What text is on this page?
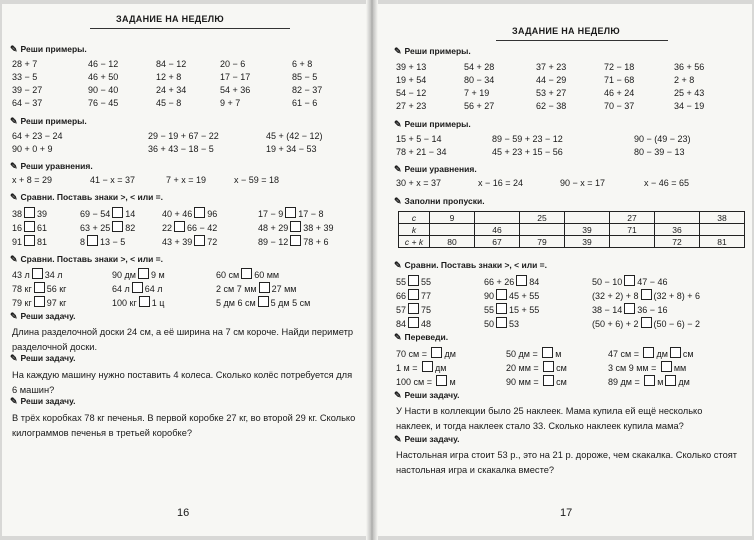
ЗАДАНИЕ НА НЕДЕЛЮ
16
✎ Реши примеры.
28 + 7	46 − 12	84 − 12	20 − 6	6 + 8
33 − 5	46 + 50	12 + 8	17 − 17	85 − 5
39 − 27	90 − 40	24 + 34	54 + 36	82 − 37
64 − 37	76 − 45	45 − 8	9 + 7	61 − 6
✎ Реши примеры.
64 + 23 − 24	29 − 19 + 67 − 22	45 + (42 − 12)
90 + 0 + 9	36 + 43 − 18 − 5	19 + 34 − 53
✎ Реши уравнения.
x + 8 = 29	41 − x = 37	7 + x = 19	x − 59 = 18
✎ Сравни. Поставь знаки >, < или =.
38 39	69 − 54 14	40 + 46 96	17 − 9 17 − 8
16 61	63 + 25 82	22 66 − 42	48 + 29 38 + 39
91 81	8 13 − 5	43 + 39 72	89 − 12 78 + 6
✎ Сравни. Поставь знаки >, < или =.
43 л 34 л	90 дм 9 м	60 см 60 мм
78 кг 56 кг	64 л 64 л	2 см 7 мм 27 мм
79 кг 97 кг	100 кг 1 ц	5 дм 6 см 5 дм 5 см
✎ Реши задачу.
Длина разделочной доски 24 см, а её ширина на 7 см короче. Найди периметр разделочной доски.
✎ Реши задачу.
На каждую машину нужно поставить 4 колеса. Сколько колёс потребуется для 6 машин?
✎ Реши задачу.
В трёх коробках 78 кг печенья. В первой коробке 27 кг, во второй 29 кг. Сколько килограммов печенья в третьей коробке?
ЗАДАНИЕ НА НЕДЕЛЮ
17
✎ Реши примеры.
39 + 13	54 + 28	37 + 23	72 − 18	36 + 56
19 + 54	80 − 34	44 − 29	71 − 68	2 + 8
54 − 12	7 + 19	53 + 27	46 + 24	25 + 43
27 + 23	56 + 27	62 − 38	70 − 37	34 − 19
✎ Реши примеры.
15 + 5 − 14	89 − 59 + 23 − 12	90 − (49 − 23)
78 + 21 − 34	45 + 23 + 15 − 56	80 − 39 − 13
✎ Реши уравнения.
30 + x = 37	x − 16 = 24	90 − x = 17	x − 46 = 65
✎ Заполни пропуски.
c	9		25		27		38
k		46		39	71	36	
c + k	80	67	79	39		72	81
✎ Сравни. Поставь знаки >, < или =.
55 55	66 + 26 84	50 − 10 47 − 46
66 77	90 45 + 55	(32 + 2) + 8 (32 + 8) + 6
57 75	55 15 + 55	38 − 14 36 − 16
84 48	50 53	(50 + 6) + 2 (50 − 6) − 2
✎ Переведи.
70 см = дм	50 дм = м	47 см = дм см
1 м = дм	20 мм = см	3 см 9 мм = мм
100 см = м	90 мм = см	89 дм = м дм
✎ Реши задачу.
У Насти в коллекции было 25 наклеек. Мама купила ей ещё несколько наклеек, и тогда наклеек стало 33. Сколько наклеек купила мама?
✎ Реши задачу.
Настольная игра стоит 53 р., это на 21 р. дороже, чем скакалка. Сколько стоят настольная игра и скакалка вместе?
